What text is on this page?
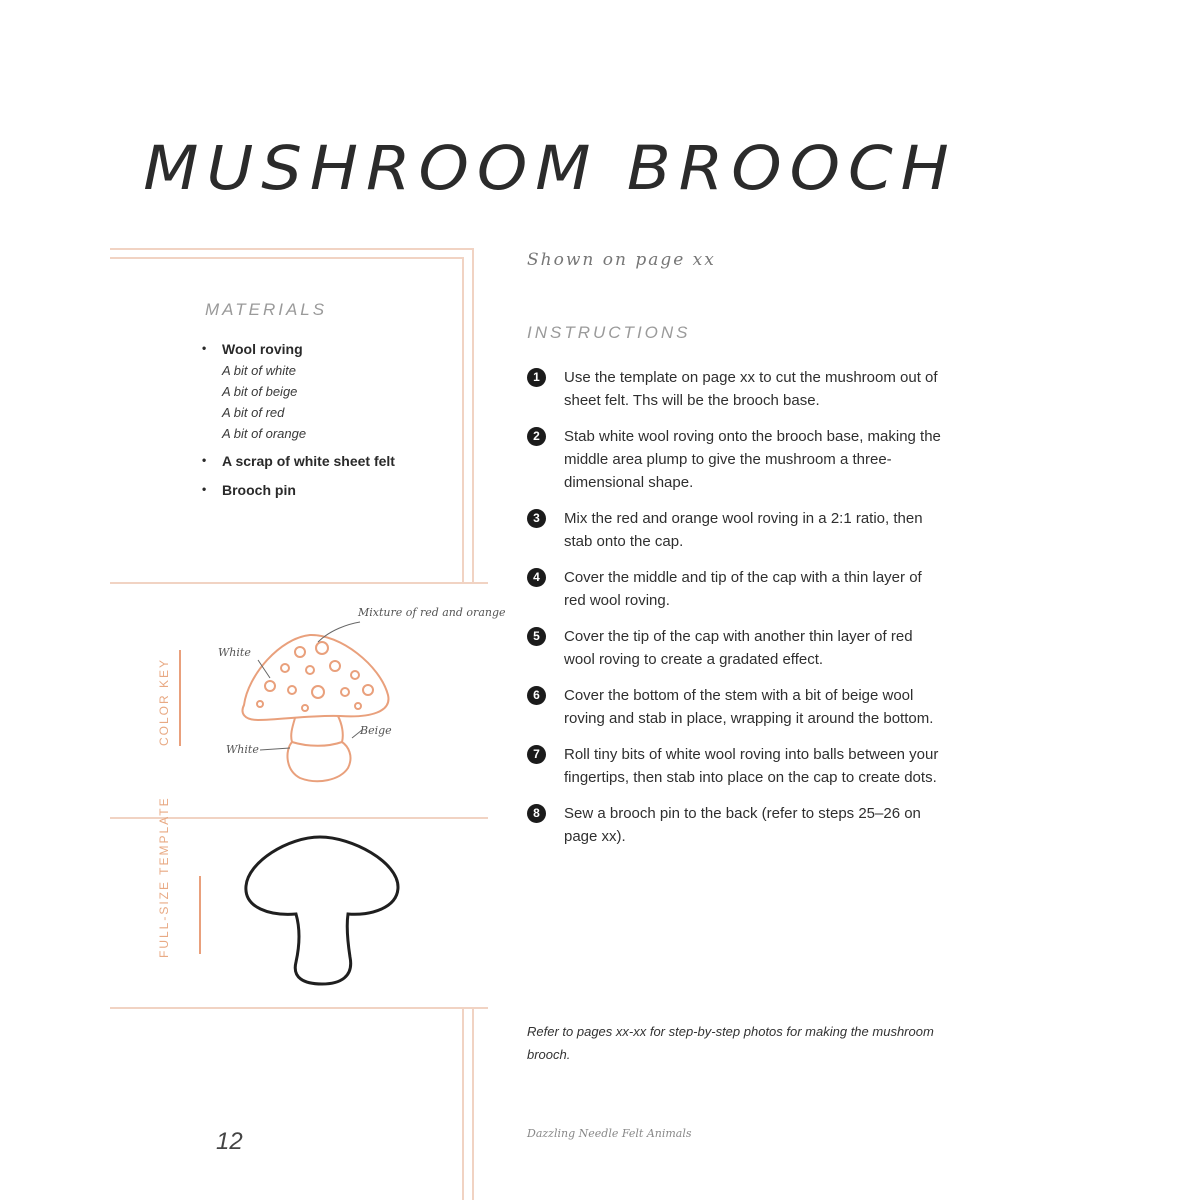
MUSHROOM BROOCH
MATERIALS
• Wool roving
A bit of white
A bit of beige
A bit of red
A bit of orange
• A scrap of white sheet felt
• Brooch pin
COLOR KEY
Mixture of red and orange
White
White
Beige
FULL-SIZE TEMPLATE
Shown on page xx
INSTRUCTIONS
1	Use the template on page xx to cut the mushroom out of sheet felt. Ths will be the brooch base.
2	Stab white wool roving onto the brooch base, making the middle area plump to give the mushroom a three-dimensional shape.
3	Mix the red and orange wool roving in a 2:1 ratio, then stab onto the cap.
4	Cover the middle and tip of the cap with a thin layer of red wool roving.
5	Cover the tip of the cap with another thin layer of red wool roving to create a gradated effect.
6	Cover the bottom of the stem with a bit of beige wool roving and stab in place, wrapping it around the bottom.
7	Roll tiny bits of white wool roving into balls between your fingertips, then stab into place on the cap to create dots.
8	Sew a brooch pin to the back (refer to steps 25–26 on page xx).
Refer to pages xx-xx for step-by-step photos for making the mushroom brooch.
12	Dazzling Needle Felt Animals
